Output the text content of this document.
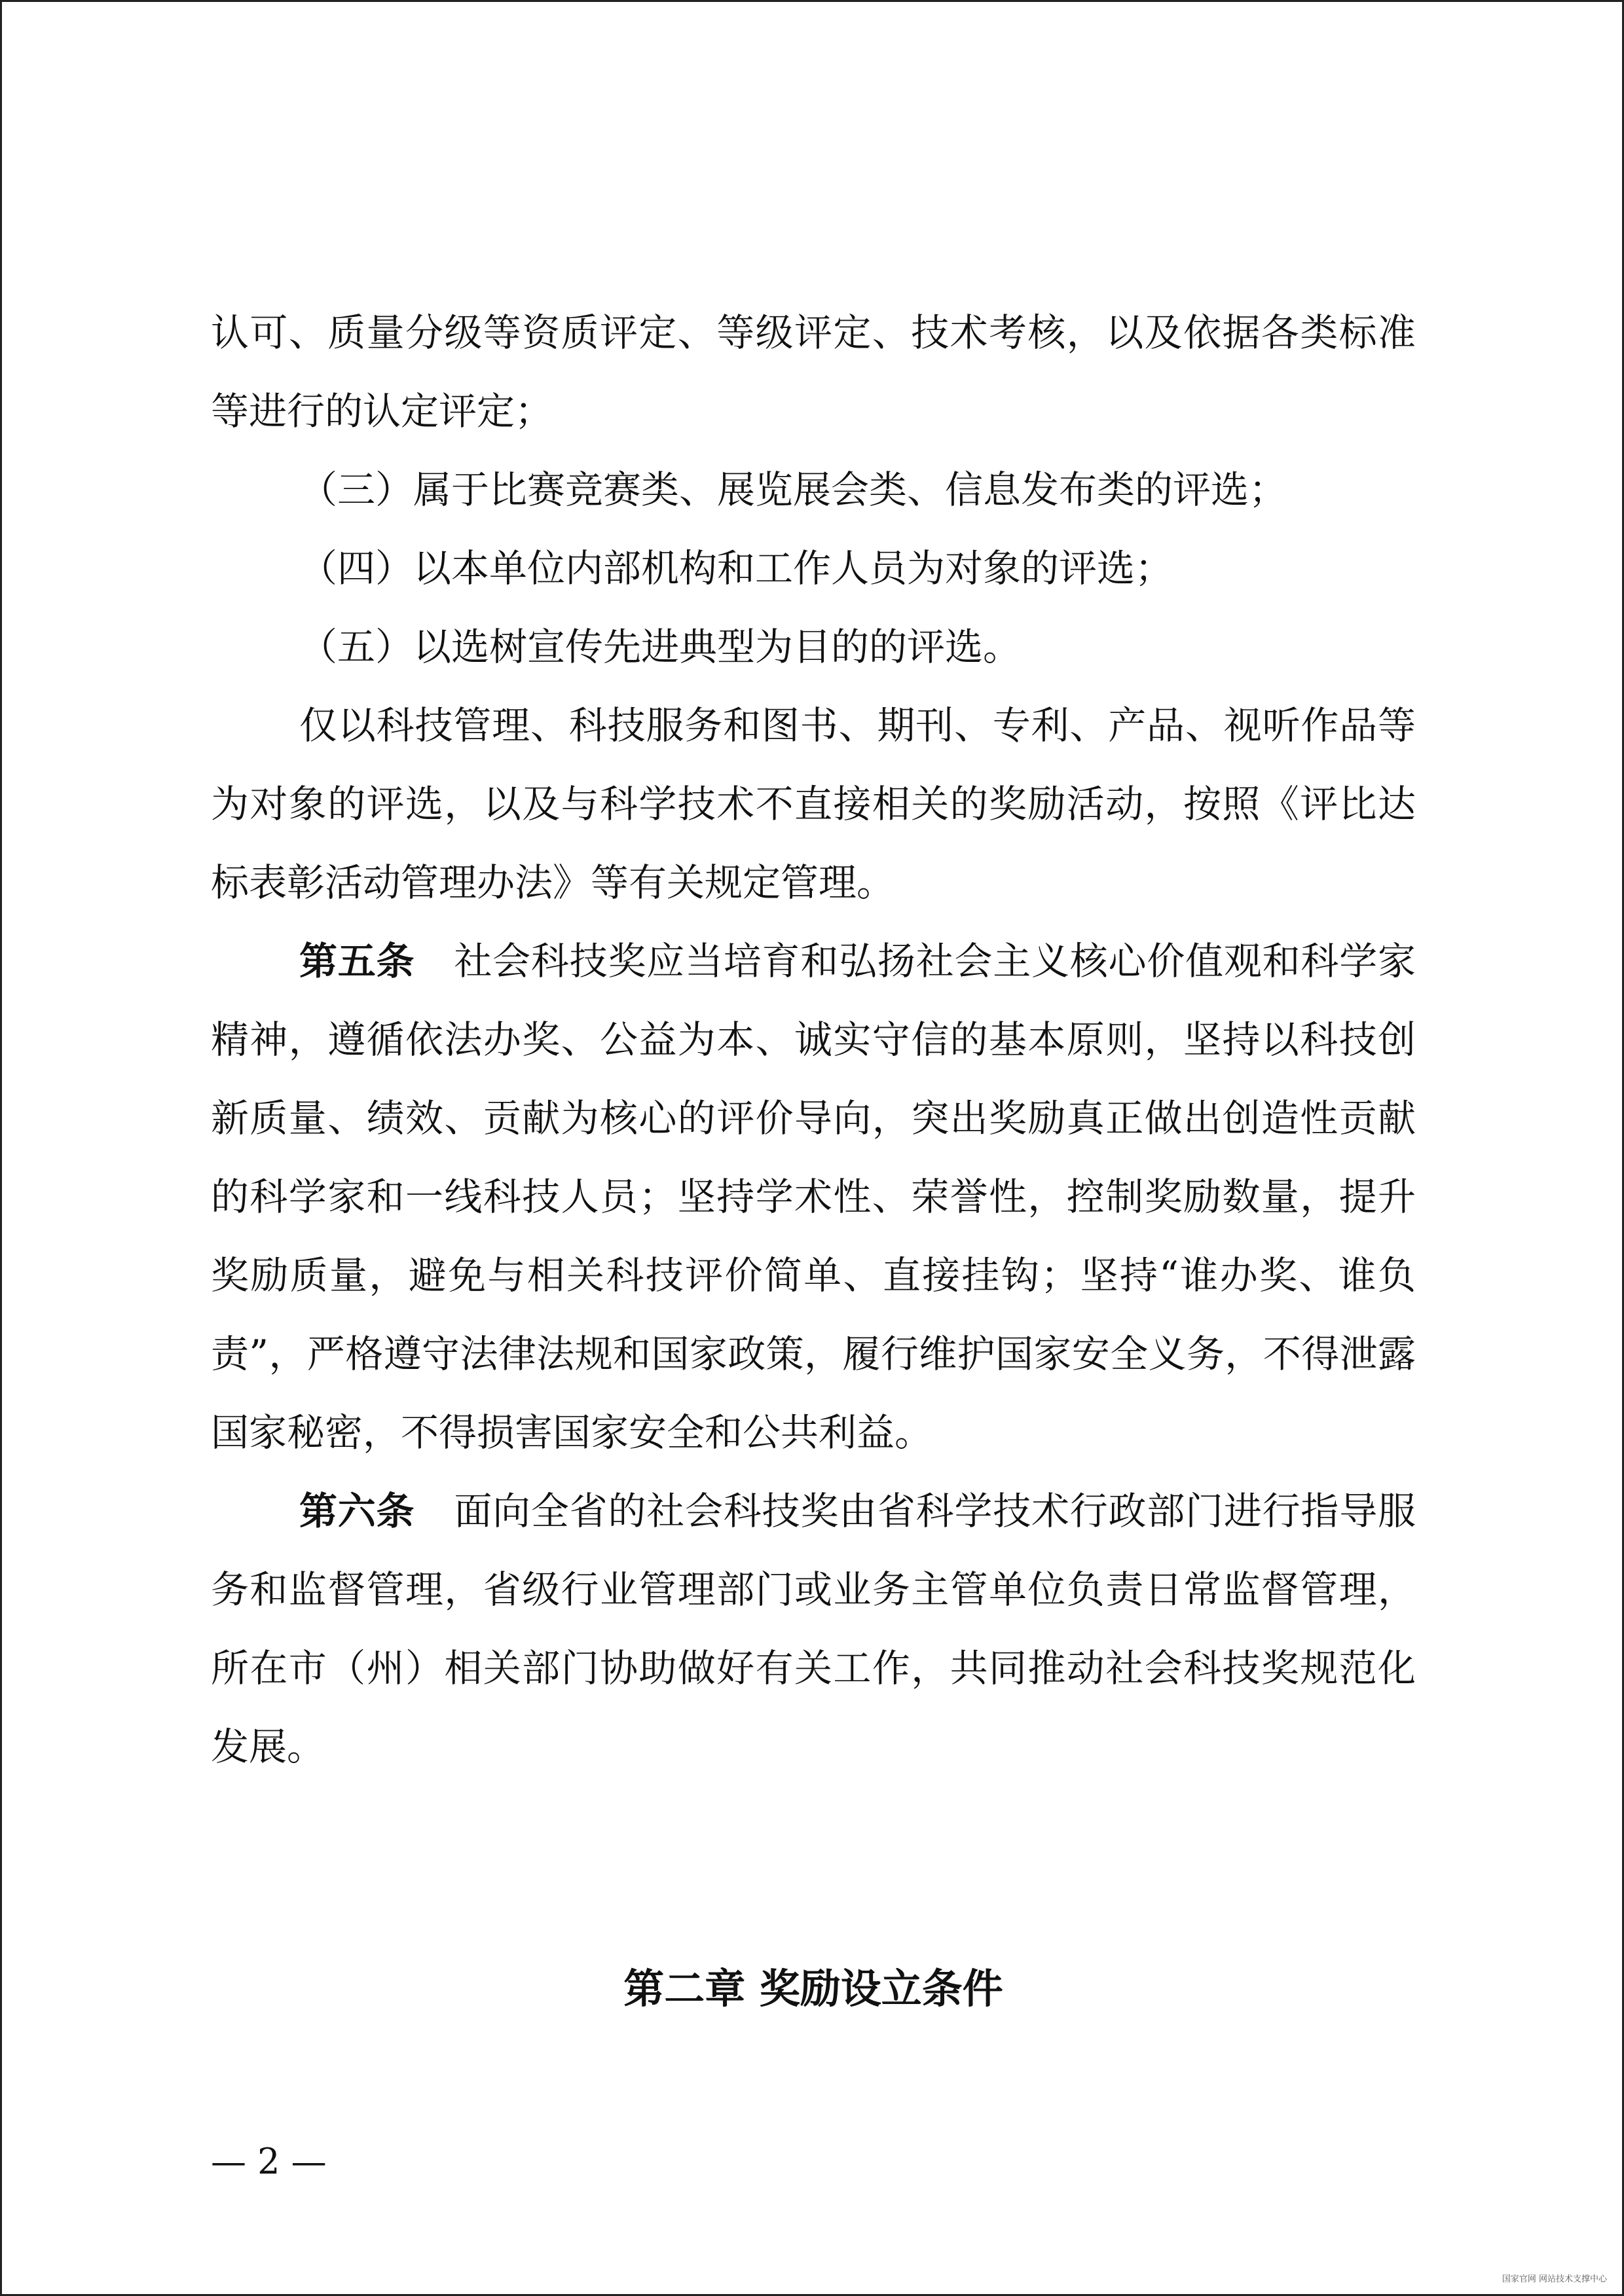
认可、质量分级等资质评定、等级评定、技术考核，以及依据各类标准等进行的认定评定；

（三）属于比赛竞赛类、展览展会类、信息发布类的评选；

（四）以本单位内部机构和工作人员为对象的评选；

（五）以选树宣传先进典型为目的的评选。

仅以科技管理、科技服务和图书、期刊、专利、产品、视听作品等为对象的评选，以及与科学技术不直接相关的奖励活动，按照《评比达标表彰活动管理办法》等有关规定管理。

第五条 社会科技奖应当培育和弘扬社会主义核心价值观和科学家精神，遵循依法办奖、公益为本、诚实守信的基本原则，坚持以科技创新质量、绩效、贡献为核心的评价导向，突出奖励真正做出创造性贡献的科学家和一线科技人员；坚持学术性、荣誉性，控制奖励数量，提升奖励质量，避免与相关科技评价简单、直接挂钩；坚持“谁办奖、谁负责”，严格遵守法律法规和国家政策，履行维护国家安全义务，不得泄露国家秘密，不得损害国家安全和公共利益。

第六条 面向全省的社会科技奖由省科学技术行政部门进行指导服务和监督管理，省级行业管理部门或业务主管单位负责日常监督管理，所在市（州）相关部门协助做好有关工作，共同推动社会科技奖规范化发展。

第二章 奖励设立条件
— 2 —
国家官网 网站技术支撑中心
